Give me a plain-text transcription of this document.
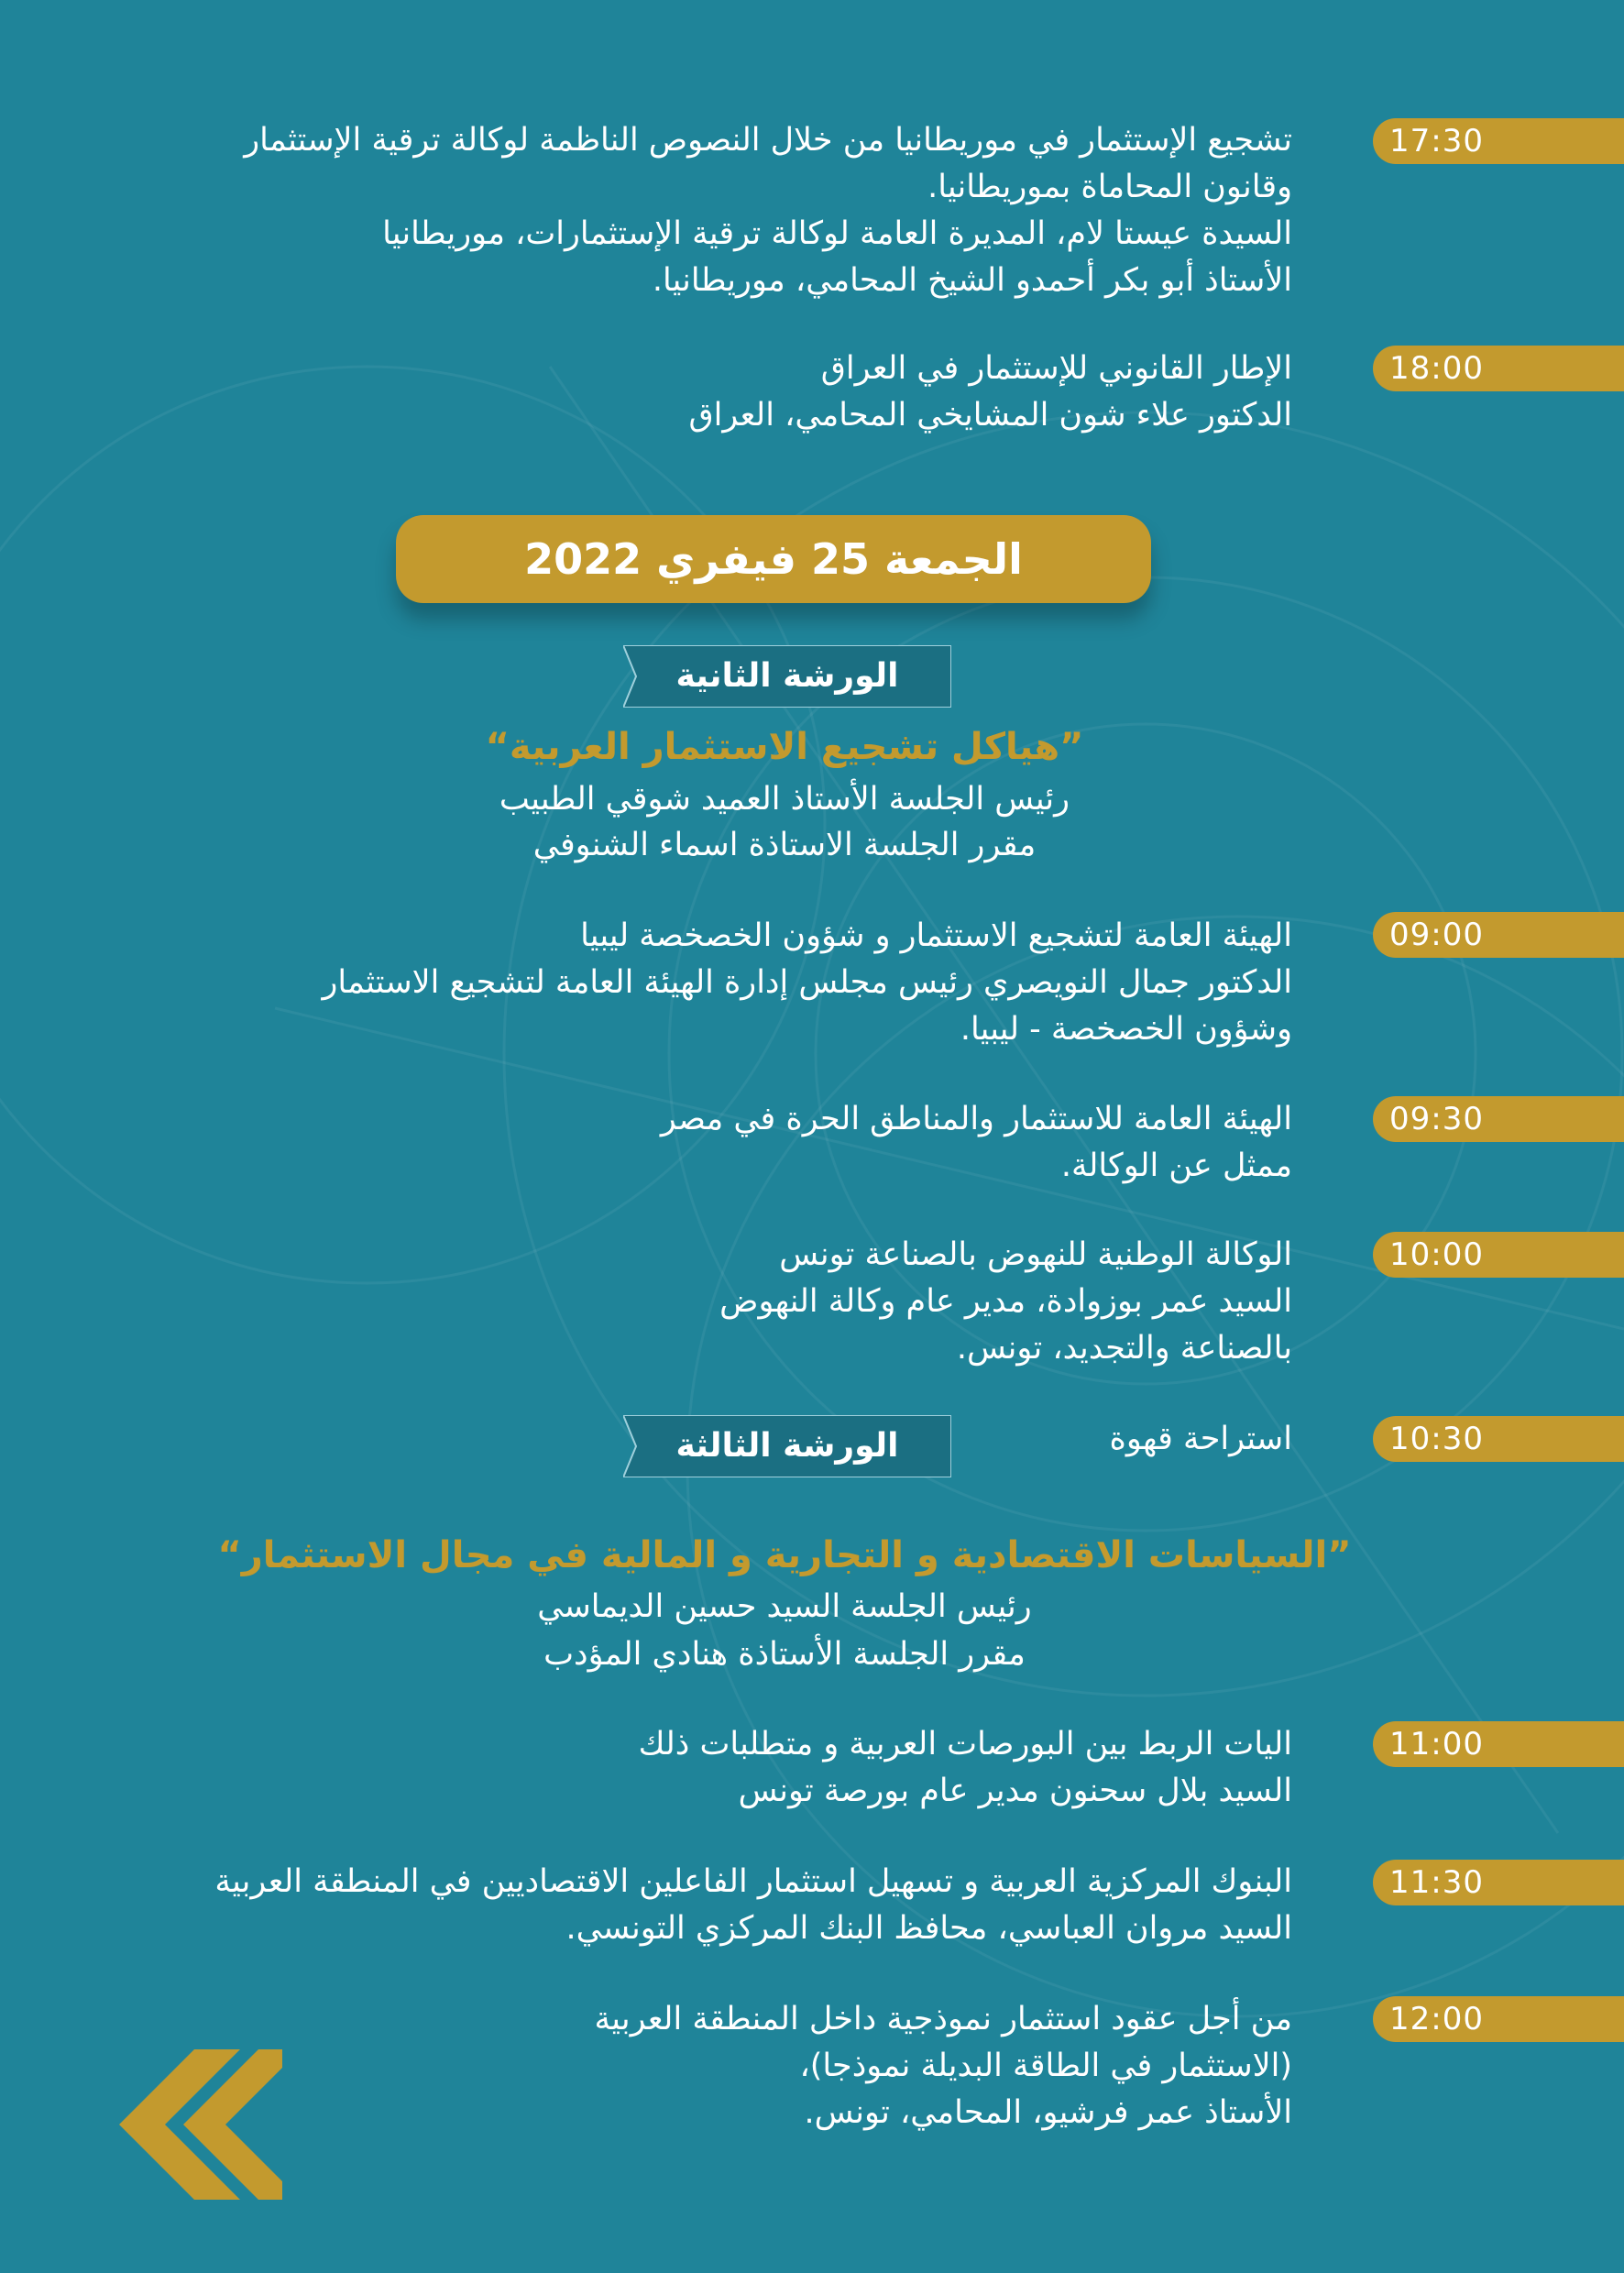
17:30
تشجيع الإستثمار في موريطانيا من خلال النصوص الناظمة لوكالة ترقية الإستثمار
وقانون المحاماة بموريطانيا.
السيدة عيستا لام، المديرة العامة لوكالة ترقية الإستثمارات، موريطانيا
الأستاذ أبو بكر أحمدو الشيخ المحامي، موريطانيا.
18:00
الإطار القانوني للإستثمار في العراق
الدكتور علاء شون المشايخي المحامي، العراق
الجمعة 25 فيفري 2022
الورشة الثانية
”هياكل تشجيع الاستثمار العربية“
رئيس الجلسة الأستاذ العميد شوقي الطبيب
مقرر الجلسة الاستاذة اسماء الشنوفي
09:00
الهيئة العامة لتشجيع الاستثمار و شؤون الخصخصة ليبيا
الدكتور جمال النويصري رئيس مجلس إدارة الهيئة العامة لتشجيع الاستثمار
وشؤون الخصخصة - ليبيا.
09:30
الهيئة العامة للاستثمار والمناطق الحرة في مصر
ممثل عن الوكالة.
10:00
الوكالة الوطنية للنهوض بالصناعة تونس
السيد عمر بوزوادة، مدير عام وكالة النهوض
بالصناعة والتجديد، تونس.
10:30
استراحة قهوة
الورشة الثالثة
”السياسات الاقتصادية و التجارية و المالية في مجال الاستثمار“
رئيس الجلسة السيد حسين الديماسي
مقرر الجلسة الأستاذة هنادي المؤدب
11:00
اليات الربط بين البورصات العربية و متطلبات ذلك
السيد بلال سحنون مدير عام بورصة تونس
11:30
البنوك المركزية العربية و تسهيل استثمار الفاعلين الاقتصاديين في المنطقة العربية
السيد مروان العباسي، محافظ البنك المركزي التونسي.
12:00
من أجل عقود استثمار نموذجية داخل المنطقة العربية
(الاستثمار في الطاقة البديلة نموذجا)،
الأستاذ عمر فرشيو، المحامي، تونس.
